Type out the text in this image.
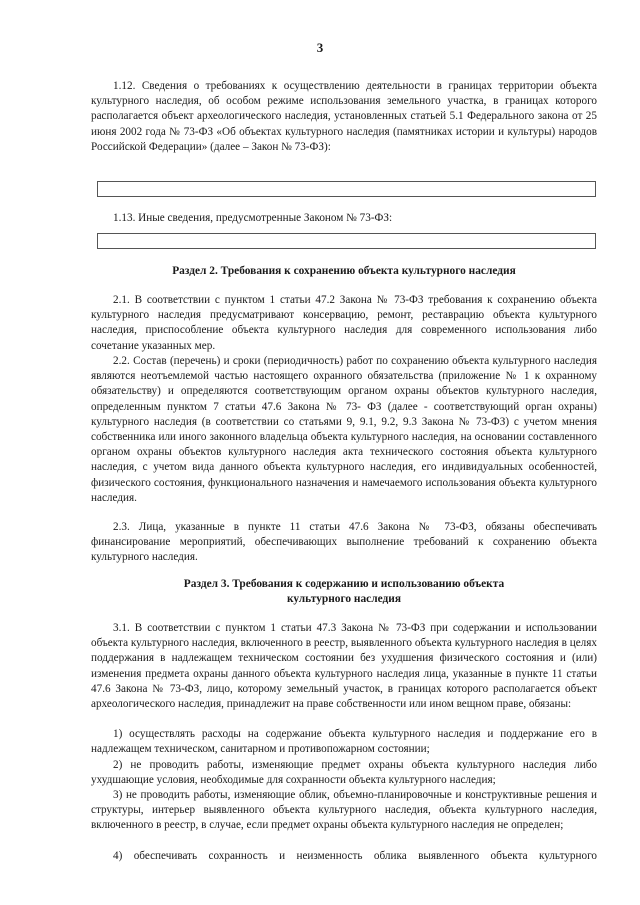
3

1.12. Сведения о требованиях к осуществлению деятельности в границах территории объекта культурного наследия, об особом режиме использования земельного участка, в границах которого располагается объект археологического наследия, установленных статьей 5.1 Федерального закона от 25 июня 2002 года № 73-ФЗ «Об объектах культурного наследия (памятниках истории и культуры) народов Российской Федерации» (далее – Закон № 73-ФЗ):

1.13. Иные сведения, предусмотренные Законом № 73-ФЗ:

Раздел 2. Требования к сохранению объекта культурного наследия

2.1. В соответствии с пунктом 1 статьи 47.2 Закона № 73-ФЗ требования к сохранению объекта культурного наследия предусматривают консервацию, ремонт, реставрацию объекта культурного наследия, приспособление объекта культурного наследия для современного использования либо сочетание указанных мер.

2.2. Состав (перечень) и сроки (периодичность) работ по сохранению объекта культурного наследия являются неотъемлемой частью настоящего охранного обязательства (приложение № 1 к охранному обязательству) и определяются соответствующим органом охраны объектов культурного наследия, определенным пунктом 7 статьи 47.6 Закона № 73- ФЗ (далее - соответствующий орган охраны) культурного наследия (в соответствии со статьями 9, 9.1, 9.2, 9.3 Закона № 73-ФЗ) с учетом мнения собственника или иного законного владельца объекта культурного наследия, на основании составленного органом охраны объектов культурного наследия акта технического состояния объекта культурного наследия, с учетом вида данного объекта культурного наследия, его индивидуальных особенностей, физического состояния, функционального назначения и намечаемого использования объекта культурного наследия.

2.3. Лица, указанные в пункте 11 статьи 47.6 Закона № 73-ФЗ, обязаны обеспечивать финансирование мероприятий, обеспечивающих выполнение требований к сохранению объекта культурного наследия.

Раздел 3. Требования к содержанию и использованию объекта

культурного наследия

3.1. В соответствии с пунктом 1 статьи 47.3 Закона № 73-ФЗ при содержании и использовании объекта культурного наследия, включенного в реестр, выявленного объекта культурного наследия в целях поддержания в надлежащем техническом состоянии без ухудшения физического состояния и (или) изменения предмета охраны данного объекта культурного наследия лица, указанные в пункте 11 статьи 47.6 Закона № 73-ФЗ, лицо, которому земельный участок, в границах которого располагается объект археологического наследия, принадлежит на праве собственности или ином вещном праве, обязаны:

1) осуществлять расходы на содержание объекта культурного наследия и поддержание его в надлежащем техническом, санитарном и противопожарном состоянии;

2) не проводить работы, изменяющие предмет охраны объекта культурного наследия либо ухудшающие условия, необходимые для сохранности объекта культурного наследия;

3) не проводить работы, изменяющие облик, объемно-планировочные и конструктивные решения и структуры, интерьер выявленного объекта культурного наследия, объекта культурного наследия, включенного в реестр, в случае, если предмет охраны объекта культурного наследия не определен;

4) обеспечивать сохранность и неизменность облика выявленного объекта культурного
